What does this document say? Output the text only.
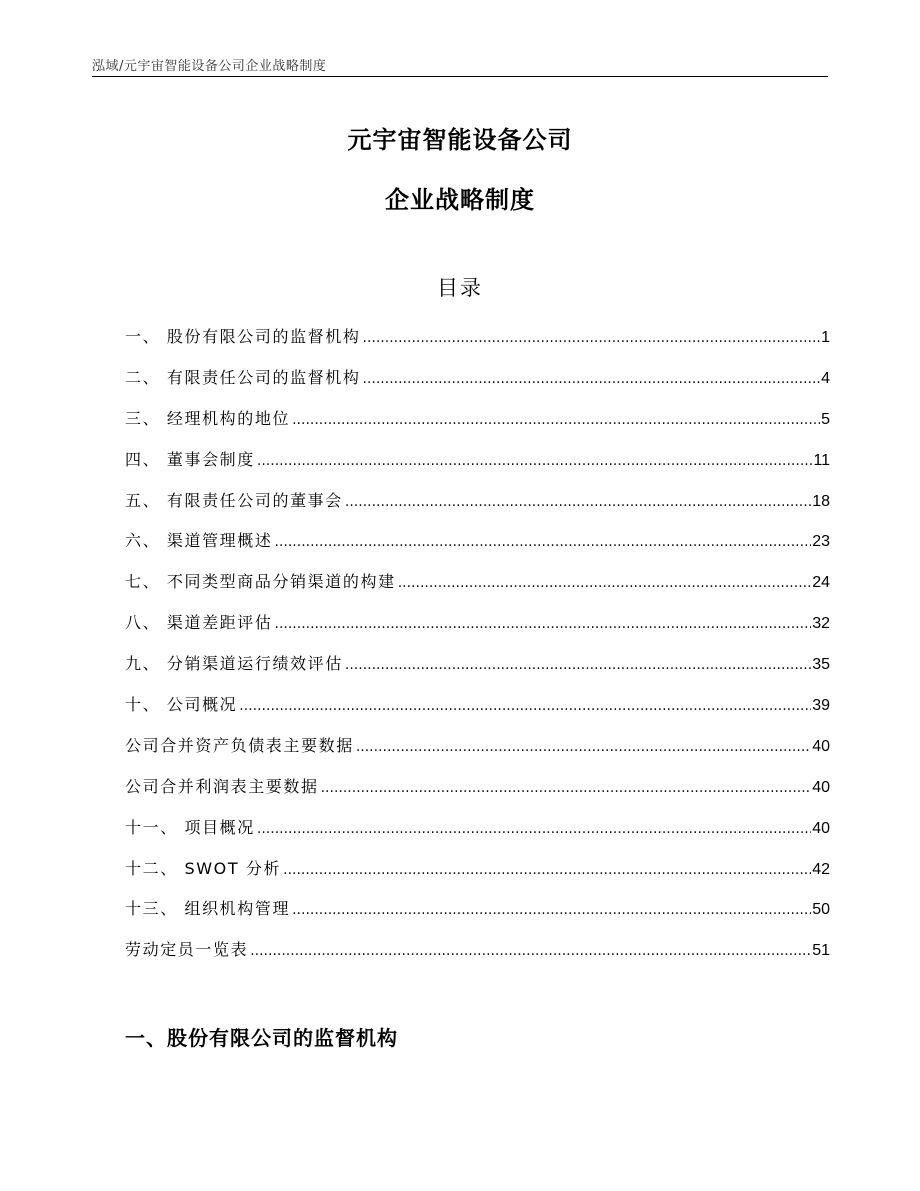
泓域/元宇宙智能设备公司企业战略制度
元宇宙智能设备公司
企业战略制度
目录
一、 股份有限公司的监督机构 .....	1
二、 有限责任公司的监督机构 .....	4
三、 经理机构的地位 .....	5
四、 董事会制度 .....	11
五、 有限责任公司的董事会 .....	18
六、 渠道管理概述 .....	23
七、 不同类型商品分销渠道的构建 .....	24
八、 渠道差距评估 .....	32
九、 分销渠道运行绩效评估 .....	35
十、 公司概况 .....	39
公司合并资产负债表主要数据 .....	40
公司合并利润表主要数据 .....	40
十一、 项目概况 .....	40
十二、 SWOT 分析 .....	42
十三、 组织机构管理 .....	50
劳动定员一览表 .....	51
一、股份有限公司的监督机构
